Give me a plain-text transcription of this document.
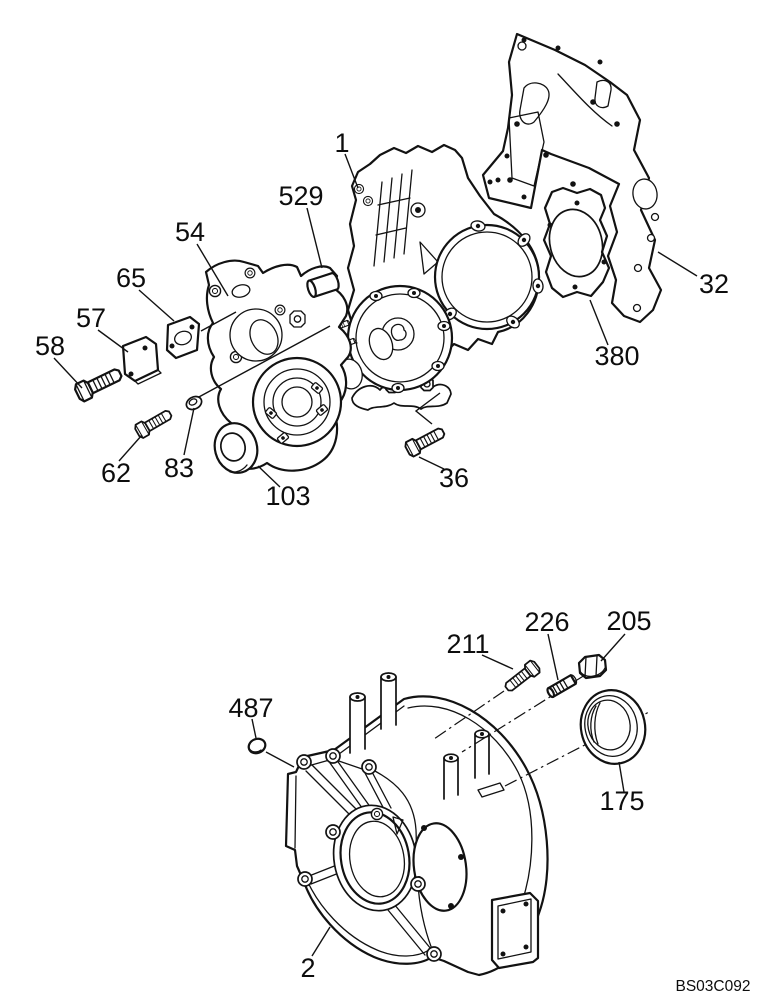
1
529
54
65
57
58
62 83
103
36
380
32
487
211
226 205
175
2
BS03C092
